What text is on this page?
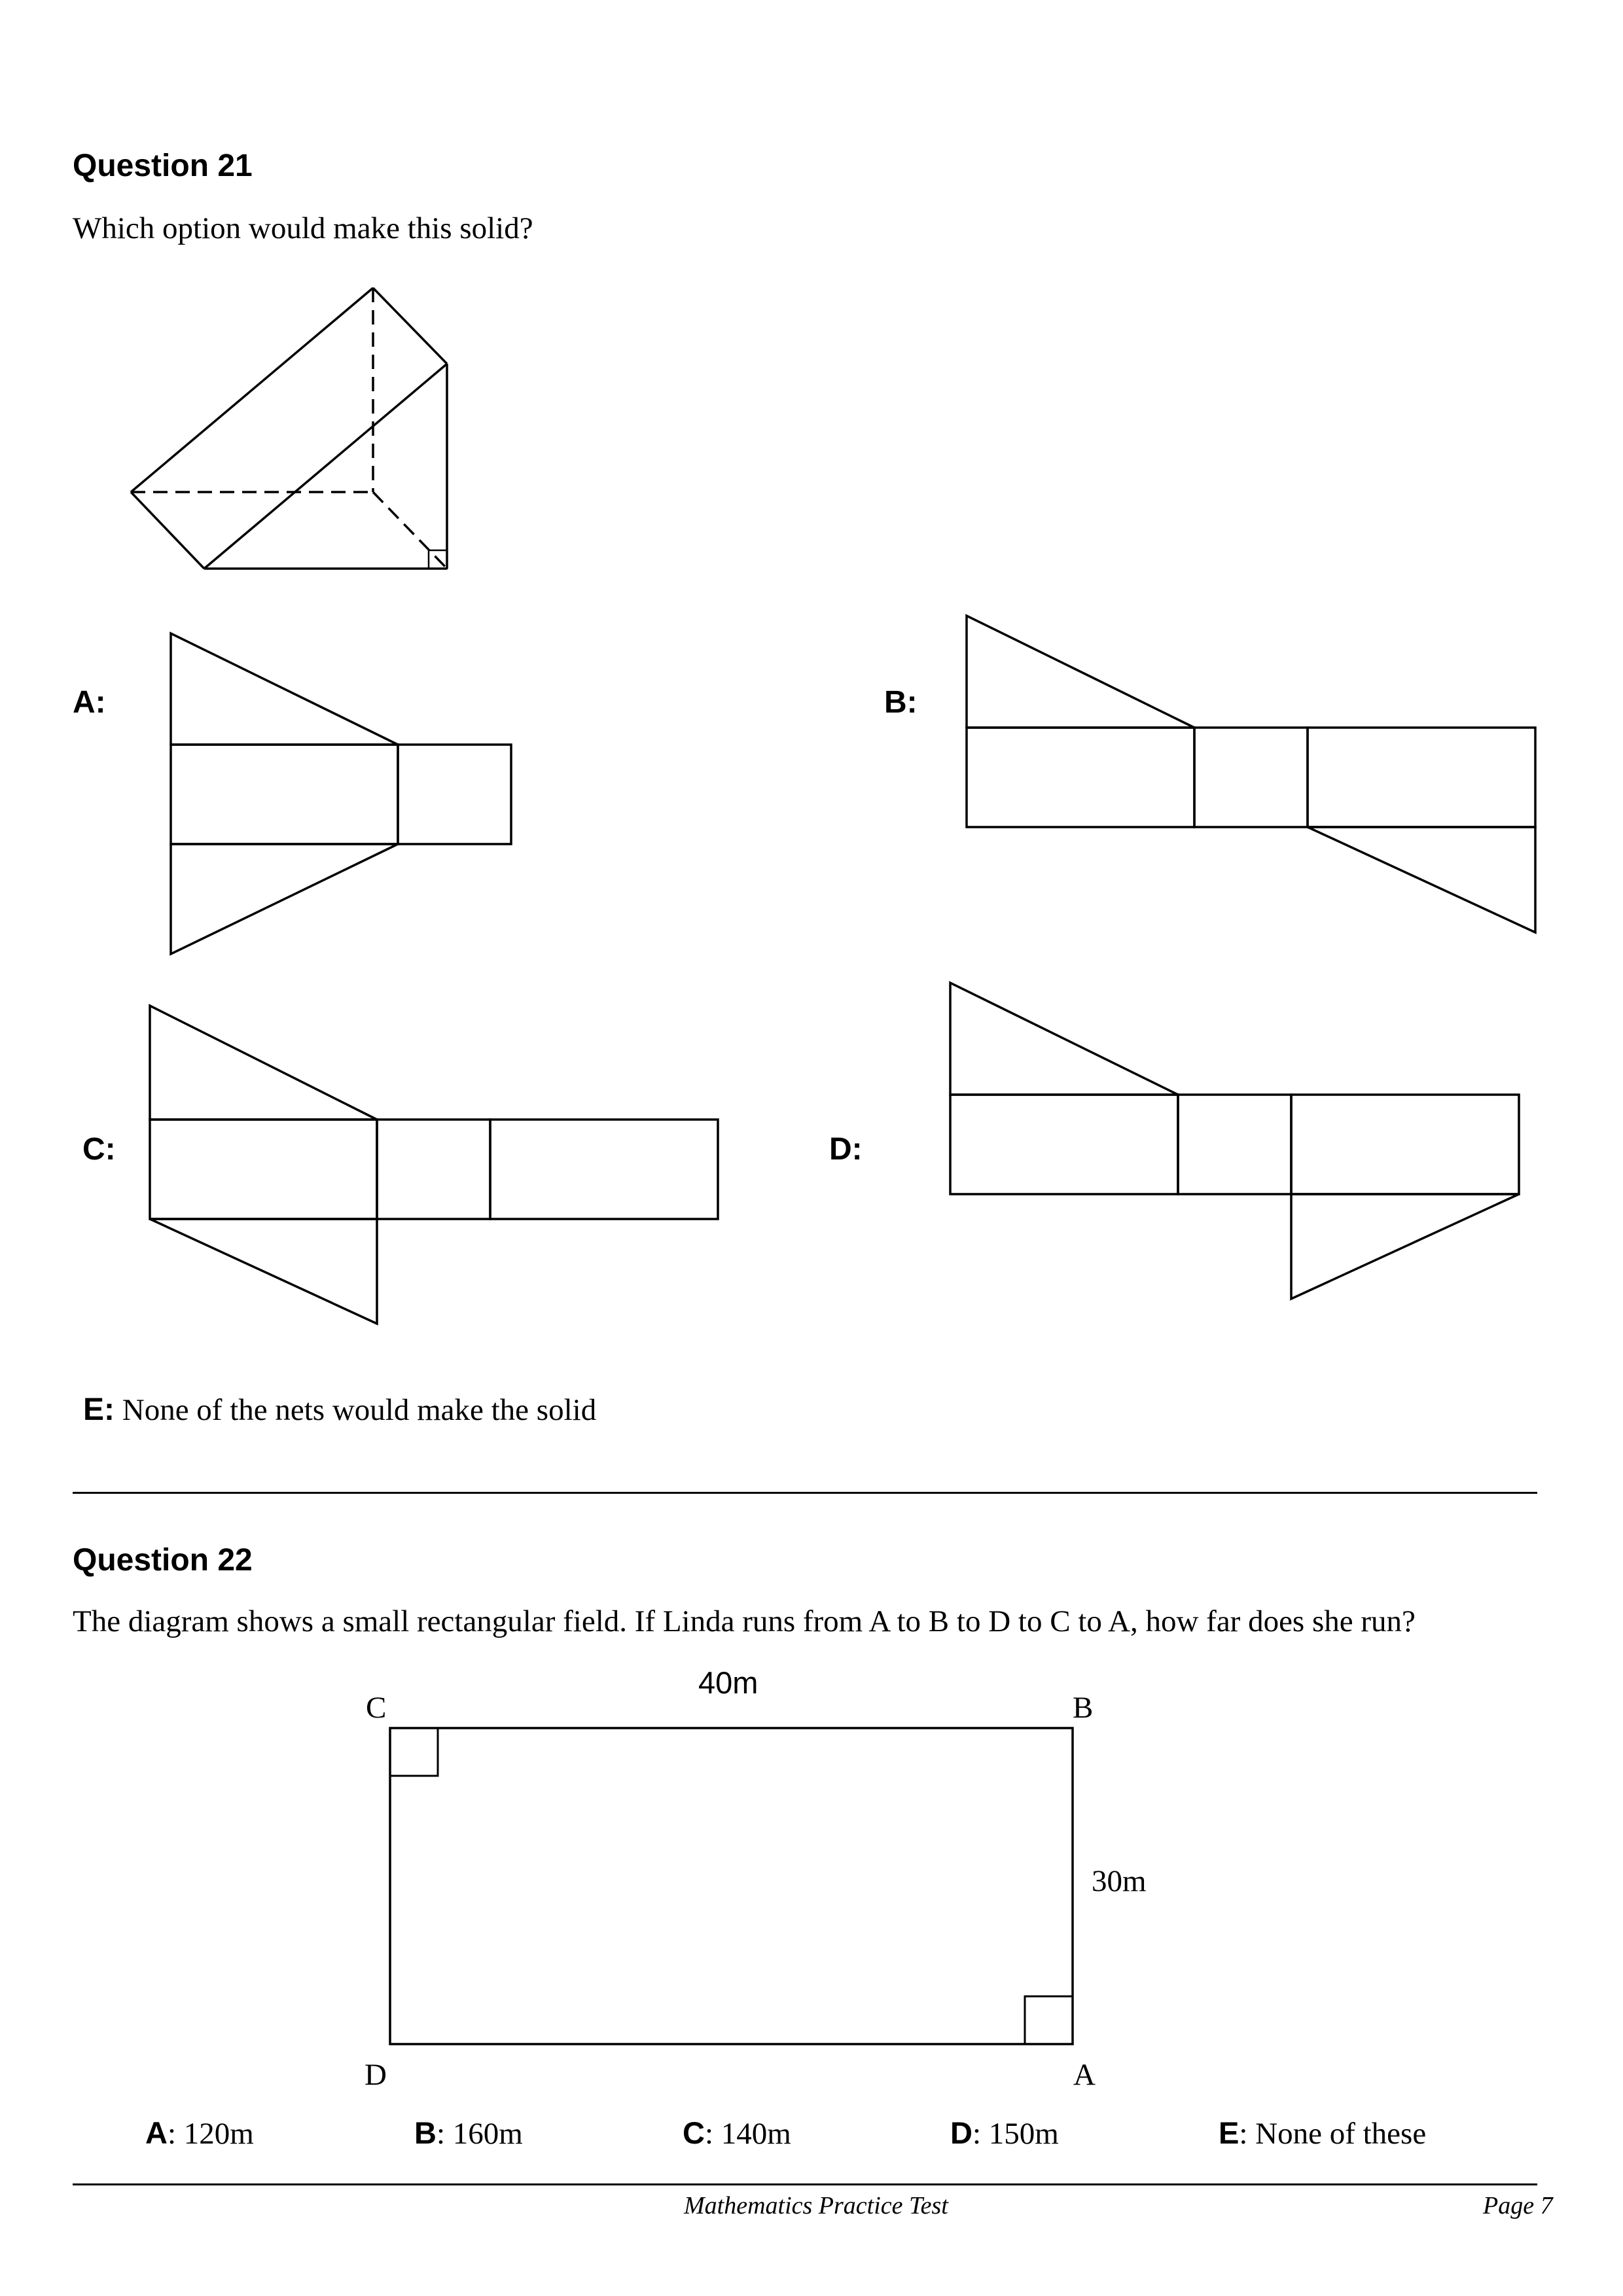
Question 21

Which option would make this solid?

A:	B:

C:	D:

E: None of the nets would make the solid

Question 22

The diagram shows a small rectangular field. If Linda runs from A to B to D to C to A, how far does she run?

40m

C	B

30m

D	A

A: 120m	B: 160m	C: 140m	D: 150m	E: None of these

Mathematics Practice Test	Page 7
